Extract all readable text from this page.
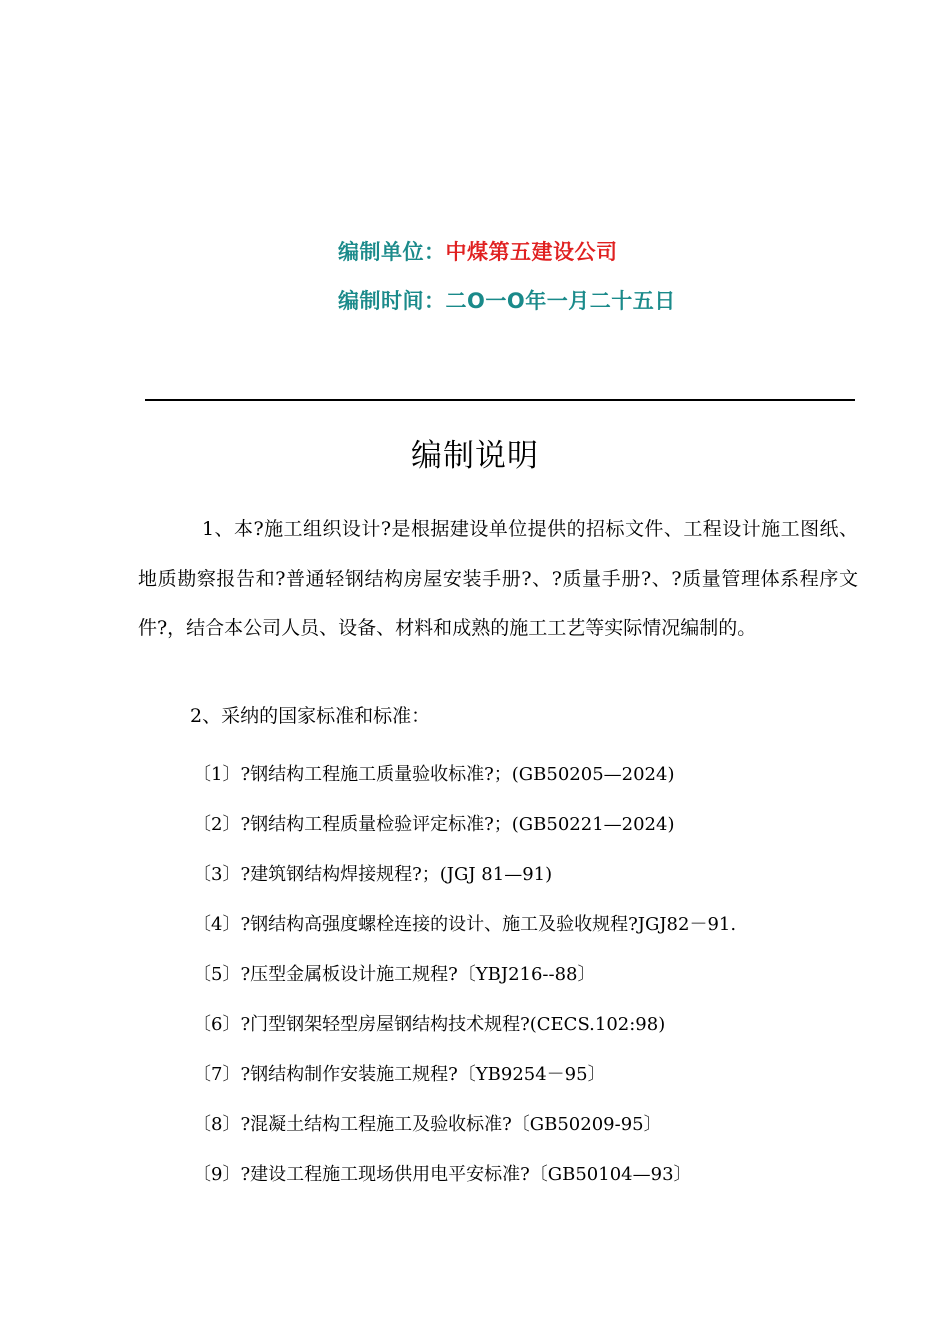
编制单位：中煤第五建设公司
编制时间：二O一O年一月二十五日
编制说明

1、本?施工组织设计?是根据建设单位提供的招标文件、工程设计施工图纸、地质勘察报告和?普通轻钢结构房屋安装手册?、?质量手册?、?质量管理体系程序文件?，结合本公司人员、设备、材料和成熟的施工工艺等实际情况编制的。

2、采纳的国家标准和标准：
〔1〕?钢结构工程施工质量验收标准?；(GB50205—2024)
〔2〕?钢结构工程质量检验评定标准?；(GB50221—2024)
〔3〕?建筑钢结构焊接规程?；(JGJ 81—91)
〔4〕?钢结构高强度螺栓连接的设计、施工及验收规程?JGJ82－91.
〔5〕?压型金属板设计施工规程?〔YBJ216--88〕
〔6〕?门型钢架轻型房屋钢结构技术规程?(CECS.102:98)
〔7〕?钢结构制作安装施工规程?〔YB9254－95〕
〔8〕?混凝土结构工程施工及验收标准?〔GB50209-95〕
〔9〕?建设工程施工现场供用电平安标准?〔GB50104—93〕
